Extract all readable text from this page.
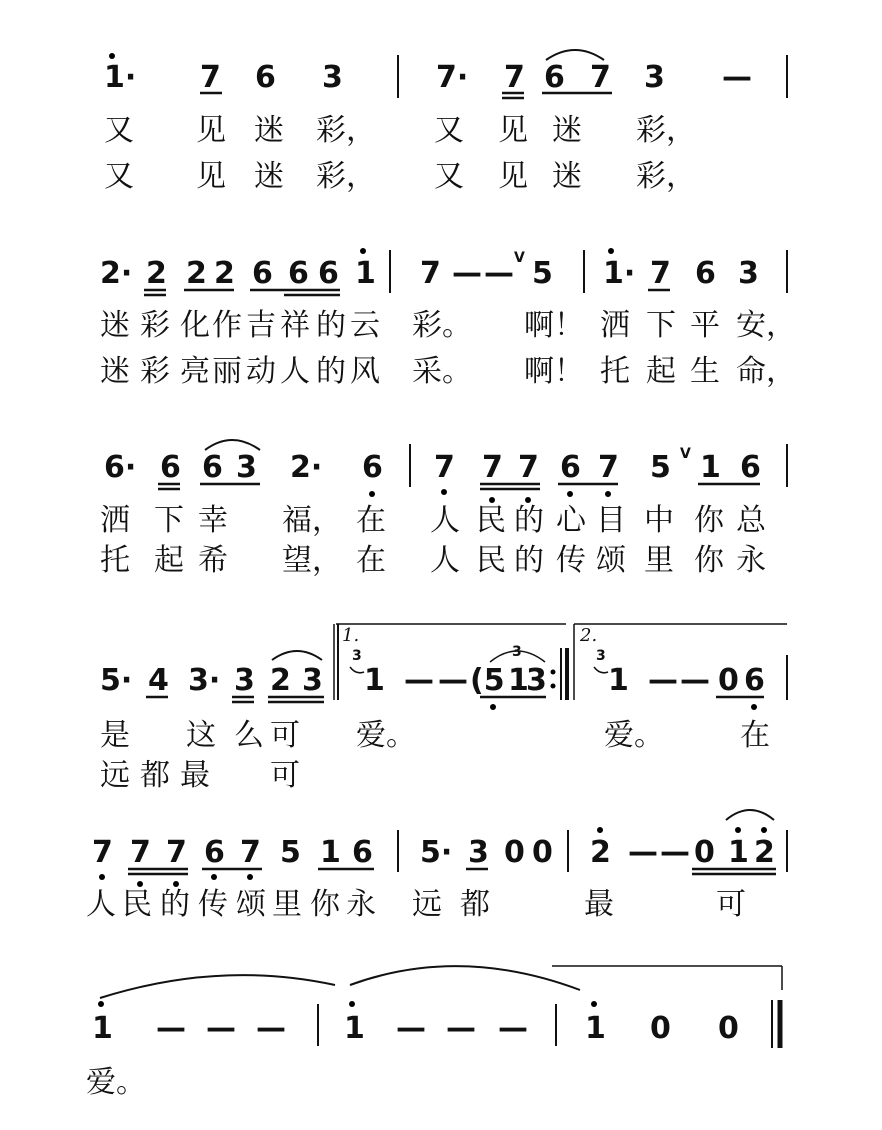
1· 7 6 3	7· 7 6 7 3 —
又 见 迷 彩， 又 见 迷 彩，
又 见 迷 彩， 又 见 迷 彩，
2· 2 2 2 6 6 6 1 7 — — V 5 1· 7 6 3
迷 彩 化 作 吉 祥 的 云 彩。 啊！ 洒 下 平 安，
迷 彩 亮 丽 动 人 的 风 采。 啊！ 托 起 生 命，
6· 6 6 3 2· 6 7 7 7 6 7 5 V 1 6
洒 下 幸 福， 在 人 民 的 心 目 中 你 总
托 起 希 望， 在 人 民 的 传 颂 里 你 永
5· 4 3· 3 2 3
1.
3
1 — —
3
(5 1
3
2.
3
1 — — 0 6
是 这 么 可 爱。	爱。	在
远 都 最 可
7 7 7 6 7 5 1 6 5· 3 0 0 2 — — 0 1 2
人 民 的 传 颂 里 你 永 远 都	最	可
1 — — — 1 — — — 1 0 0
爱。
